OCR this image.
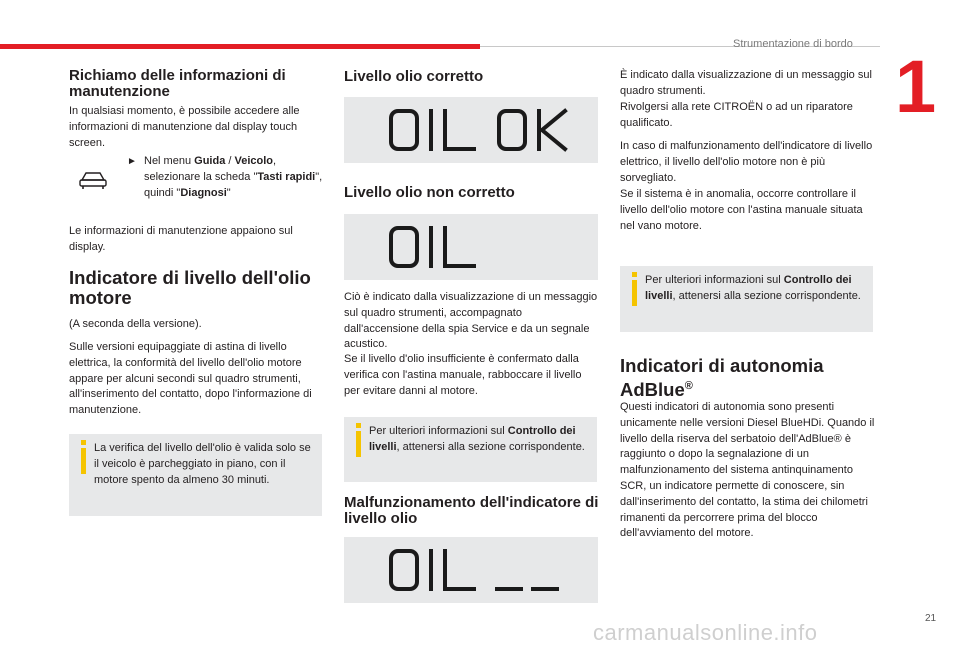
Strumentazione di bordo
1
Richiamo delle informazioni di manutenzione
In qualsiasi momento, è possibile accedere alle informazioni di manutenzione dal display touch screen.
► Nel menu Guida / Veicolo, selezionare la scheda "Tasti rapidi", quindi "Diagnosi"
Le informazioni di manutenzione appaiono sul display.
Indicatore di livello dell'olio motore
(A seconda della versione).
Sulle versioni equipaggiate di astina di livello elettrica, la conformità del livello dell'olio motore appare per alcuni secondi sul quadro strumenti, all'inserimento del contatto, dopo l'informazione di manutenzione.
La verifica del livello dell'olio è valida solo se il veicolo è parcheggiato in piano, con il motore spento da almeno 30 minuti.
Livello olio corretto
Livello olio non corretto
Ciò è indicato dalla visualizzazione di un messaggio sul quadro strumenti, accompagnato dall'accensione della spia Service e da un segnale acustico.
Se il livello d'olio insufficiente è confermato dalla verifica con l'astina manuale, rabboccare il livello per evitare danni al motore.
Per ulteriori informazioni sul Controllo dei livelli, attenersi alla sezione corrispondente.
Malfunzionamento dell'indicatore di livello olio
È indicato dalla visualizzazione di un messaggio sul quadro strumenti.
Rivolgersi alla rete CITROËN o ad un riparatore qualificato.
In caso di malfunzionamento dell'indicatore di livello elettrico, il livello dell'olio motore non è più sorvegliato.
Se il sistema è in anomalia, occorre controllare il livello dell'olio motore con l'astina manuale situata nel vano motore.
Per ulteriori informazioni sul Controllo dei livelli, attenersi alla sezione corrispondente.
Indicatori di autonomia AdBlue®
Questi indicatori di autonomia sono presenti unicamente nelle versioni Diesel BlueHDi. Quando il livello della riserva del serbatoio dell'AdBlue® è raggiunto o dopo la segnalazione di un malfunzionamento del sistema antinquinamento SCR, un indicatore permette di conoscere, sin dall'inserimento del contatto, la stima dei chilometri rimanenti da percorrere prima del blocco dell'avviamento del motore.
21
carmanualsonline.info
